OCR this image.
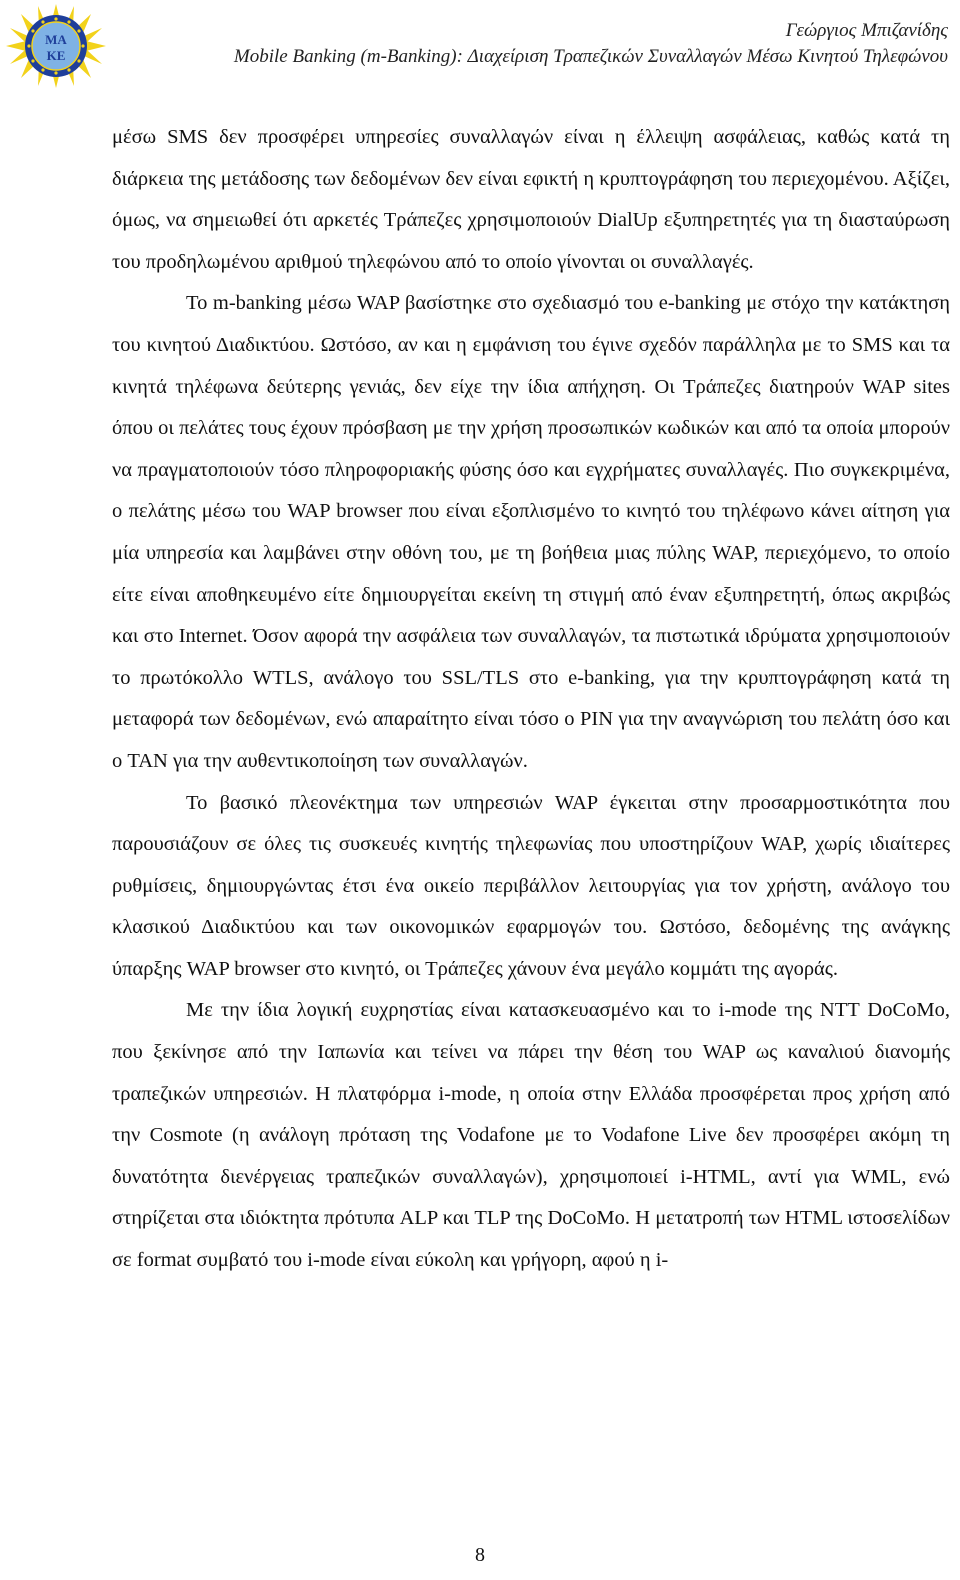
MA
KE
Γεώργιος Μπιζανίδης
Mobile Banking (m-Banking): Διαχείριση Τραπεζικών Συναλλαγών Μέσω Κινητού Τηλεφώνου

μέσω SMS δεν προσφέρει υπηρεσίες συναλλαγών είναι η έλλειψη ασφάλειας, καθώς κατά τη διάρκεια της μετάδοσης των δεδομένων δεν είναι εφικτή η κρυπτογράφηση του περιεχομένου. Αξίζει, όμως, να σημειωθεί ότι αρκετές Τράπεζες χρησιμοποιούν DialUp εξυπηρετητές για τη διασταύρωση του προδηλωμένου αριθμού τηλεφώνου από το οποίο γίνονται οι συναλλαγές.

Το m-banking μέσω WAP βασίστηκε στο σχεδιασμό του e-banking με στόχο την κατάκτηση του κινητού Διαδικτύου. Ωστόσο, αν και η εμφάνιση του έγινε σχεδόν παράλληλα με το SMS και τα κινητά τηλέφωνα δεύτερης γενιάς, δεν είχε την ίδια απήχηση. Οι Τράπεζες διατηρούν WAP sites όπου οι πελάτες τους έχουν πρόσβαση με την χρήση προσωπικών κωδικών και από τα οποία μπορούν να πραγματοποιούν τόσο πληροφοριακής φύσης όσο και εγχρήματες συναλλαγές. Πιο συγκεκριμένα, ο πελάτης μέσω του WAP browser που είναι εξοπλισμένο το κινητό του τηλέφωνο κάνει αίτηση για μία υπηρεσία και λαμβάνει στην οθόνη του, με τη βοήθεια μιας πύλης WAP, περιεχόμενο, το οποίο είτε είναι αποθηκευμένο είτε δημιουργείται εκείνη τη στιγμή από έναν εξυπηρετητή, όπως ακριβώς και στο Internet. Όσον αφορά την ασφάλεια των συναλλαγών, τα πιστωτικά ιδρύματα χρησιμοποιούν το πρωτόκολλο WTLS, ανάλογο του SSL/TLS στο e-banking, για την κρυπτογράφηση κατά τη μεταφορά των δεδομένων, ενώ απαραίτητο είναι τόσο ο PIN για την αναγνώριση του πελάτη όσο και ο TAN για την αυθεντικοποίηση των συναλλαγών.

Το βασικό πλεονέκτημα των υπηρεσιών WAP έγκειται στην προσαρμοστικότητα που παρουσιάζουν σε όλες τις συσκευές κινητής τηλεφωνίας που υποστηρίζουν WAP, χωρίς ιδιαίτερες ρυθμίσεις, δημιουργώντας έτσι ένα οικείο περιβάλλον λειτουργίας για τον χρήστη, ανάλογο του κλασικού Διαδικτύου και των οικονομικών εφαρμογών του. Ωστόσο, δεδομένης της ανάγκης ύπαρξης WAP browser στο κινητό, οι Τράπεζες χάνουν ένα μεγάλο κομμάτι της αγοράς.

Με την ίδια λογική ευχρηστίας είναι κατασκευασμένο και το i-mode της NTT DoCoMo, που ξεκίνησε από την Ιαπωνία και τείνει να πάρει την θέση του WAP ως καναλιού διανομής τραπεζικών υπηρεσιών. Η πλατφόρμα i-mode, η οποία στην Ελλάδα προσφέρεται προς χρήση από την Cosmote (η ανάλογη πρόταση της Vodafone με το Vodafone Live δεν προσφέρει ακόμη τη δυνατότητα διενέργειας τραπεζικών συναλλαγών), χρησιμοποιεί i-HTML, αντί για WML, ενώ στηρίζεται στα ιδιόκτητα πρότυπα ALP και TLP της DoCoMo. Η μετατροπή των HTML ιστοσελίδων σε format συμβατό του i-mode είναι εύκολη και γρήγορη, αφού η i-

8
